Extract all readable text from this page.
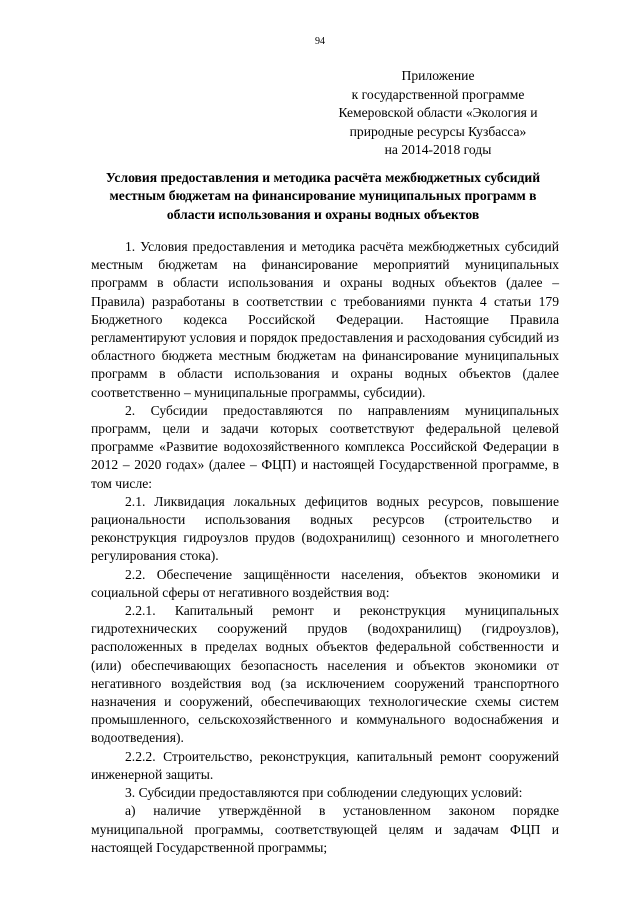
94
Приложение
к государственной программе
Кемеровской области «Экология и
природные ресурсы Кузбасса»
на 2014-2018 годы
Условия предоставления и методика расчёта межбюджетных субсидий
местным бюджетам на финансирование муниципальных программ в
области использования и охраны водных объектов

1. Условия предоставления и методика расчёта межбюджетных субсидий местным бюджетам на финансирование мероприятий муниципальных программ в области использования и охраны водных объектов (далее – Правила) разработаны в соответствии с требованиями пункта 4 статьи 179 Бюджетного кодекса Российской Федерации. Настоящие Правила регламентируют условия и порядок предоставления и расходования субсидий из областного бюджета местным бюджетам на финансирование муниципальных программ в области использования и охраны водных объектов (далее соответственно – муниципальные программы, субсидии).

2. Субсидии предоставляются по направлениям муниципальных программ, цели и задачи которых соответствуют федеральной целевой программе «Развитие водохозяйственного комплекса Российской Федерации в 2012 – 2020 годах» (далее – ФЦП) и настоящей Государственной программе, в том числе:

2.1. Ликвидация локальных дефицитов водных ресурсов, повышение рациональности использования водных ресурсов (строительство и реконструкция гидроузлов прудов (водохранилищ) сезонного и многолетнего регулирования стока).

2.2. Обеспечение защищённости населения, объектов экономики и социальной сферы от негативного воздействия вод:

2.2.1. Капитальный ремонт и реконструкция муниципальных гидротехнических сооружений прудов (водохранилищ) (гидроузлов), расположенных в пределах водных объектов федеральной собственности и (или) обеспечивающих безопасность населения и объектов экономики от негативного воздействия вод (за исключением сооружений транспортного назначения и сооружений, обеспечивающих технологические схемы систем промышленного, сельскохозяйственного и коммунального водоснабжения и водоотведения).

2.2.2. Строительство, реконструкция, капитальный ремонт сооружений инженерной защиты.

3. Субсидии предоставляются при соблюдении следующих условий:

а) наличие утверждённой в установленном законом порядке муниципальной программы, соответствующей целям и задачам ФЦП и настоящей Государственной программы;
